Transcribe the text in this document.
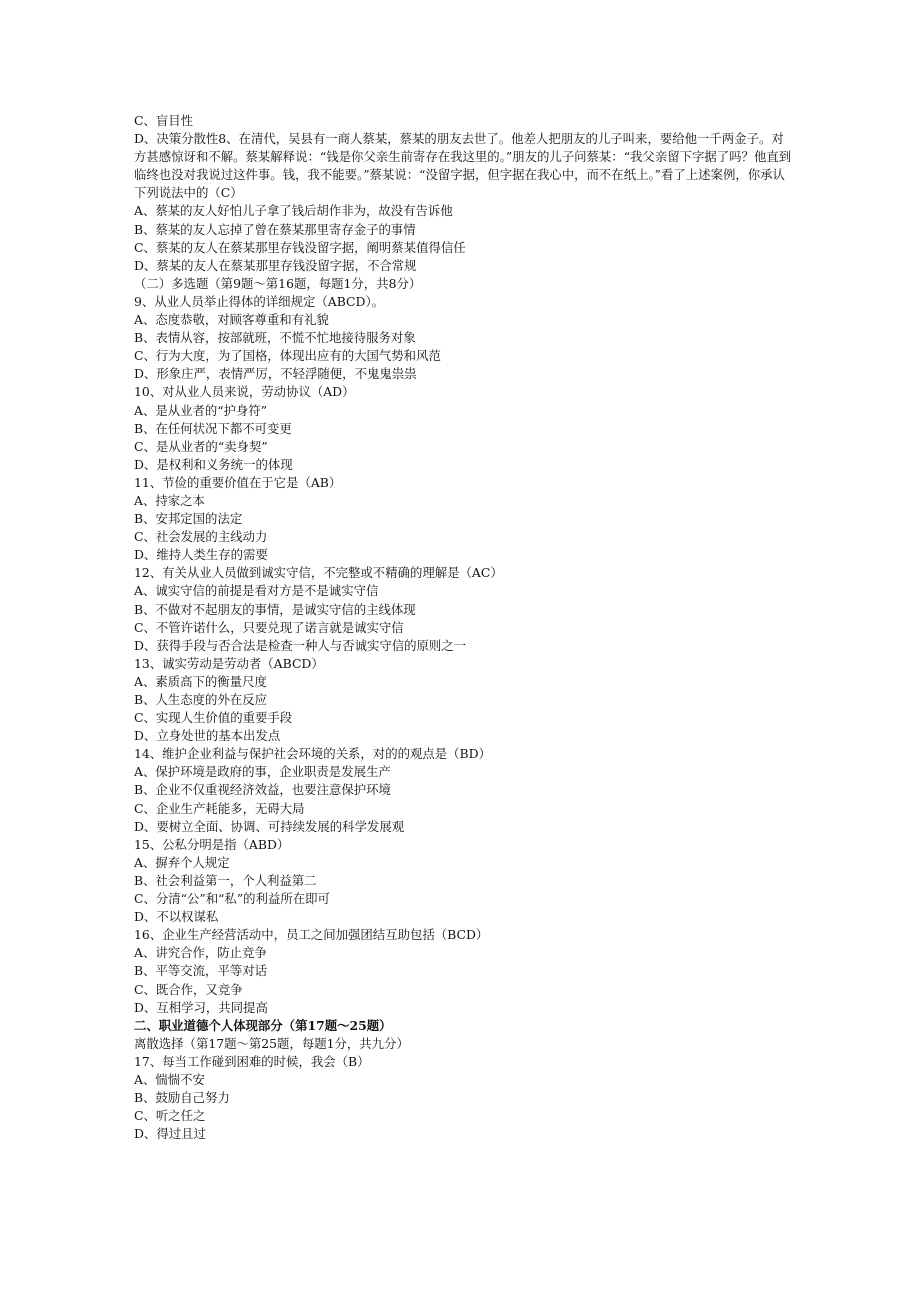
C、盲目性

D、决策分散性8、在清代，吴县有一商人蔡某，蔡某的朋友去世了。他差人把朋友的儿子叫来，要给他一千两金子。对方甚感惊讶和不解。蔡某解释说：“钱是你父亲生前寄存在我这里的。”朋友的儿子问蔡某：“我父亲留下字据了吗？他直到临终也没对我说过这件事。钱，我不能要。”蔡某说：“没留字据，但字据在我心中，而不在纸上。”看了上述案例，你承认下列说法中的（C）

A、蔡某的友人好怕儿子拿了钱后胡作非为，故没有告诉他

B、蔡某的友人忘掉了曾在蔡某那里寄存金子的事情

C、蔡某的友人在蔡某那里存钱没留字据，阐明蔡某值得信任

D、蔡某的友人在蔡某那里存钱没留字据，不合常规

（二）多选题（第9题～第16题，每题1分，共8分）

9、从业人员举止得体的详细规定（ABCD）。

A、态度恭敬，对顾客尊重和有礼貌

B、表情从容，按部就班，不慌不忙地接待服务对象

C、行为大度，为了国格，体现出应有的大国气势和风范

D、形象庄严，表情严厉，不轻浮随便，不鬼鬼祟祟

10、对从业人员来说，劳动协议（AD）

A、是从业者的“护身符”

B、在任何状况下都不可变更

C、是从业者的“卖身契”

D、是权利和义务统一的体现

11、节俭的重要价值在于它是（AB）

A、持家之本

B、安邦定国的法定

C、社会发展的主线动力

D、维持人类生存的需要

12、有关从业人员做到诚实守信，不完整或不精确的理解是（AC）

A、诚实守信的前提是看对方是不是诚实守信

B、不做对不起朋友的事情，是诚实守信的主线体现

C、不管许诺什么，只要兑现了诺言就是诚实守信

D、获得手段与否合法是检查一种人与否诚实守信的原则之一

13、诚实劳动是劳动者（ABCD）

A、素质高下的衡量尺度

B、人生态度的外在反应

C、实现人生价值的重要手段

D、立身处世的基本出发点

14、维护企业利益与保护社会环境的关系，对的的观点是（BD）

A、保护环境是政府的事，企业职责是发展生产

B、企业不仅重视经济效益，也要注意保护环境

C、企业生产耗能多，无碍大局

D、要树立全面、协调、可持续发展的科学发展观

15、公私分明是指（ABD）

A、摒弃个人规定

B、社会利益第一，个人利益第二

C、分清“公”和“私”的利益所在即可

D、不以权谋私

16、企业生产经营活动中，员工之间加强团结互助包括（BCD）

A、讲究合作，防止竞争

B、平等交流，平等对话

C、既合作，又竞争

D、互相学习，共同提高

二、职业道德个人体现部分（第17题～25题）

离散选择（第17题～第25题，每题1分，共九分）

17、每当工作碰到困难的时候，我会（B）

A、惴惴不安

B、鼓励自己努力

C、听之任之

D、得过且过
